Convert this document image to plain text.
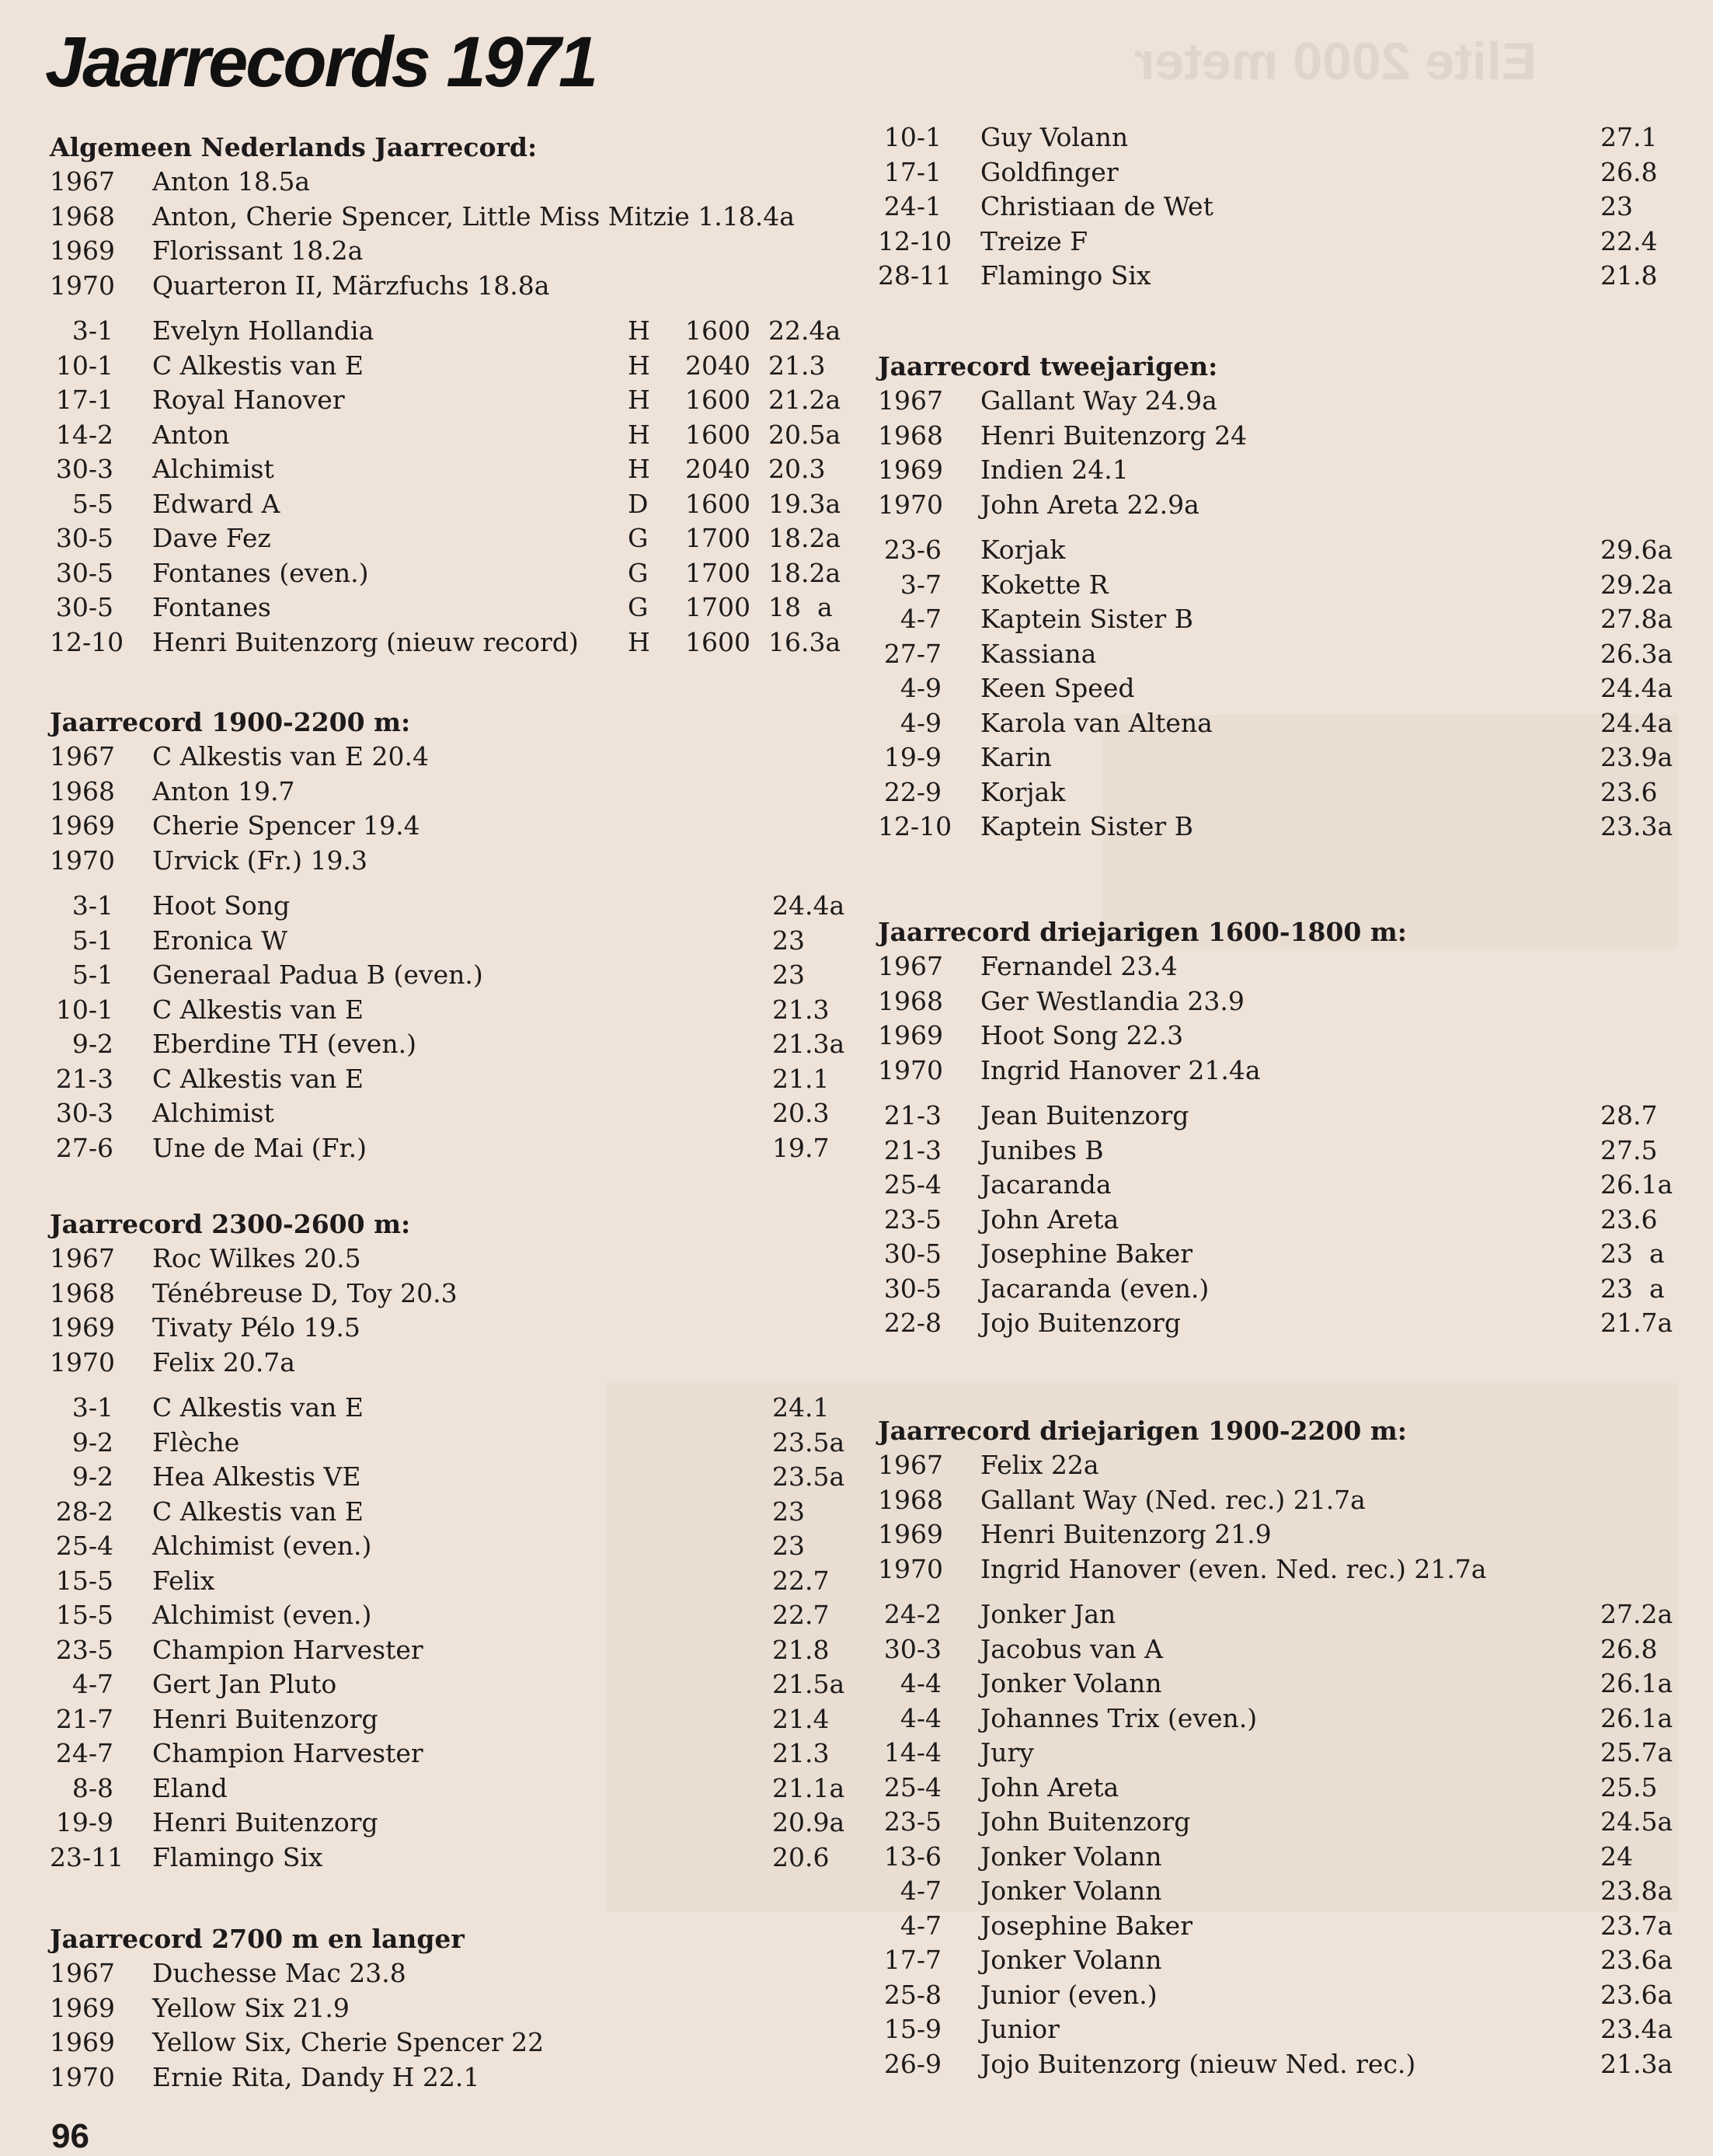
Elite 2000 meter
Jaarrecords 1971
Algemeen Nederlands Jaarrecord:
1967 Anton 18.5a
1968 Anton, Cherie Spencer, Little Miss Mitzie 1.18.4a
1969 Florissant 18.2a
1970 Quarteron II, Märzfuchs 18.8a
3-1 Evelyn Hollandia	H 1600 22.4a
10-1 C Alkestis van E	H 2040 21.3
17-1 Royal Hanover	H 1600 21.2a
14-2 Anton	H 1600 20.5a
30-3 Alchimist	H 2040 20.3
5-5 Edward A	D 1600 19.3a
30-5 Dave Fez	G 1700 18.2a
30-5 Fontanes (even.)	G 1700 18.2a
30-5 Fontanes	G 1700 18  a
12-10 Henri Buitenzorg (nieuw record) H 1600 16.3a
Jaarrecord 1900-2200 m:
1967 C Alkestis van E 20.4
1968 Anton 19.7
1969 Cherie Spencer 19.4
1970 Urvick (Fr.) 19.3
3-1 Hoot Song	24.4a
5-1 Eronica W	23
5-1 Generaal Padua B (even.)	23
10-1 C Alkestis van E	21.3
9-2 Eberdine TH (even.)	21.3a
21-3 C Alkestis van E	21.1
30-3 Alchimist	20.3
27-6 Une de Mai (Fr.)	19.7
Jaarrecord 2300-2600 m:
1967 Roc Wilkes 20.5
1968 Ténébreuse D, Toy 20.3
1969 Tivaty Pélo 19.5
1970 Felix 20.7a
3-1 C Alkestis van E	24.1
9-2 Flèche	23.5a
9-2 Hea Alkestis VE	23.5a
28-2 C Alkestis van E	23
25-4 Alchimist (even.)	23
15-5 Felix	22.7
15-5 Alchimist (even.)	22.7
23-5 Champion Harvester	21.8
4-7 Gert Jan Pluto	21.5a
21-7 Henri Buitenzorg	21.4
24-7 Champion Harvester	21.3
8-8 Eland	21.1a
19-9 Henri Buitenzorg	20.9a
23-11 Flamingo Six	20.6
Jaarrecord 2700 m en langer
1967 Duchesse Mac 23.8
1969 Yellow Six 21.9
1969 Yellow Six, Cherie Spencer 22
1970 Ernie Rita, Dandy H 22.1
10-1 Guy Volann	27.1
17-1 Goldfinger	26.8
24-1 Christiaan de Wet	23
12-10 Treize F	22.4
28-11 Flamingo Six	21.8
Jaarrecord tweejarigen:
1967 Gallant Way 24.9a
1968 Henri Buitenzorg 24
1969 Indien 24.1
1970 John Areta 22.9a
23-6 Korjak	29.6a
3-7 Kokette R	29.2a
4-7 Kaptein Sister B	27.8a
27-7 Kassiana	26.3a
4-9 Keen Speed	24.4a
4-9 Karola van Altena	24.4a
19-9 Karin	23.9a
22-9 Korjak	23.6
12-10 Kaptein Sister B	23.3a
Jaarrecord driejarigen 1600-1800 m:
1967 Fernandel 23.4
1968 Ger Westlandia 23.9
1969 Hoot Song 22.3
1970 Ingrid Hanover 21.4a
21-3 Jean Buitenzorg	28.7
21-3 Junibes B	27.5
25-4 Jacaranda	26.1a
23-5 John Areta	23.6
30-5 Josephine Baker	23  a
30-5 Jacaranda (even.)	23  a
22-8 Jojo Buitenzorg	21.7a
Jaarrecord driejarigen 1900-2200 m:
1967 Felix 22a
1968 Gallant Way (Ned. rec.) 21.7a
1969 Henri Buitenzorg 21.9
1970 Ingrid Hanover (even. Ned. rec.) 21.7a
24-2 Jonker Jan	27.2a
30-3 Jacobus van A	26.8
4-4 Jonker Volann	26.1a
4-4 Johannes Trix (even.)	26.1a
14-4 Jury	25.7a
25-4 John Areta	25.5
23-5 John Buitenzorg	24.5a
13-6 Jonker Volann	24
4-7 Jonker Volann	23.8a
4-7 Josephine Baker	23.7a
17-7 Jonker Volann	23.6a
25-8 Junior (even.)	23.6a
15-9 Junior	23.4a
26-9 Jojo Buitenzorg (nieuw Ned. rec.)	21.3a
96
